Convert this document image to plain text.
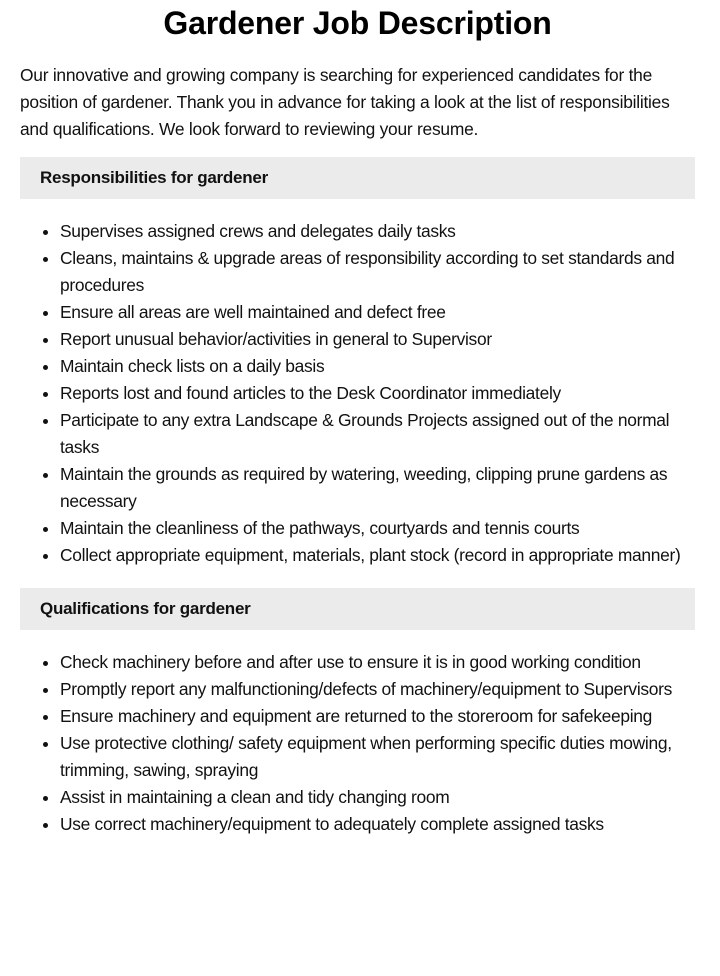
Gardener Job Description

Our innovative and growing company is searching for experienced candidates for the position of gardener. Thank you in advance for taking a look at the list of responsibilities and qualifications. We look forward to reviewing your resume.

Responsibilities for gardener
Supervises assigned crews and delegates daily tasks
Cleans, maintains & upgrade areas of responsibility according to set standards and procedures
Ensure all areas are well maintained and defect free
Report unusual behavior/activities in general to Supervisor
Maintain check lists on a daily basis
Reports lost and found articles to the Desk Coordinator immediately
Participate to any extra Landscape & Grounds Projects assigned out of the normal tasks
Maintain the grounds as required by watering, weeding, clipping prune gardens as necessary
Maintain the cleanliness of the pathways, courtyards and tennis courts
Collect appropriate equipment, materials, plant stock (record in appropriate manner)
Qualifications for gardener
Check machinery before and after use to ensure it is in good working condition
Promptly report any malfunctioning/defects of machinery/equipment to Supervisors
Ensure machinery and equipment are returned to the storeroom for safekeeping
Use protective clothing/ safety equipment when performing specific duties mowing, trimming, sawing, spraying
Assist in maintaining a clean and tidy changing room
Use correct machinery/equipment to adequately complete assigned tasks
